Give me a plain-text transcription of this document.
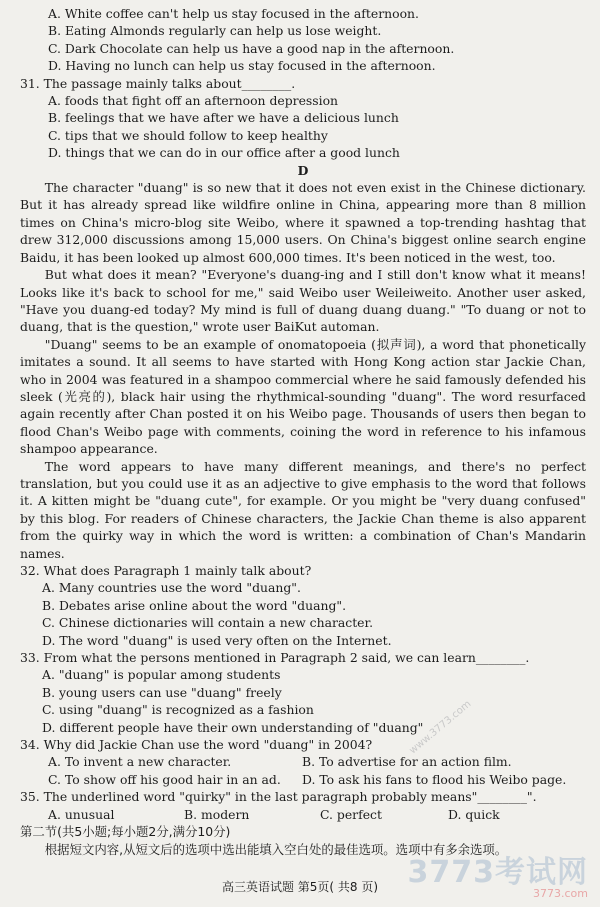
A. White coffee can't help us stay focused in the afternoon.
B. Eating Almonds regularly can help us lose weight.
C. Dark Chocolate can help us have a good nap in the afternoon.
D. Having no lunch can help us stay focused in the afternoon.
31. The passage mainly talks about________.
A. foods that fight off an afternoon depression
B. feelings that we have after we have a delicious lunch
C. tips that we should follow to keep healthy
D. things that we can do in our office after a good lunch
D

The character "duang" is so new that it does not even exist in the Chinese dictionary. But it has already spread like wildfire online in China, appearing more than 8 million times on China's micro-blog site Weibo, where it spawned a top-trending hashtag that drew 312,000 discussions among 15,000 users. On China's biggest online search engine Baidu, it has been looked up almost 600,000 times. It's been noticed in the west, too.

But what does it mean? "Everyone's duang-ing and I still don't know what it means! Looks like it's back to school for me," said Weibo user Weileiweito. Another user asked, "Have you duang-ed today? My mind is full of duang duang duang." "To duang or not to duang, that is the question," wrote user BaiKut automan.

"Duang" seems to be an example of onomatopoeia (拟声词), a word that phonetically imitates a sound. It all seems to have started with Hong Kong action star Jackie Chan, who in 2004 was featured in a shampoo commercial where he said famously defended his sleek (光亮的), black hair using the rhythmical-sounding "duang". The word resurfaced again recently after Chan posted it on his Weibo page. Thousands of users then began to flood Chan's Weibo page with comments, coining the word in reference to his infamous shampoo appearance.

The word appears to have many different meanings, and there's no perfect translation, but you could use it as an adjective to give emphasis to the word that follows it. A kitten might be "duang cute", for example. Or you might be "very duang confused" by this blog. For readers of Chinese characters, the Jackie Chan theme is also apparent from the quirky way in which the word is written: a combination of Chan's Mandarin names.

32. What does Paragraph 1 mainly talk about?
A. Many countries use the word "duang".
B. Debates arise online about the word "duang".
C. Chinese dictionaries will contain a new character.
D. The word "duang" is used very often on the Internet.
33. From what the persons mentioned in Paragraph 2 said, we can learn________.
A. "duang" is popular among students
B. young users can use "duang" freely
C. using "duang" is recognized as a fashion
D. different people have their own understanding of "duang"
34. Why did Jackie Chan use the word "duang" in 2004?
A. To invent a new character.	B. To advertise for an action film.
C. To show off his good hair in an ad.	D. To ask his fans to flood his Weibo page.
35. The underlined word "quirky" in the last paragraph probably means"________".
A. unusual	B. modern	C. perfect	D. quick
第二节(共5小题;每小题2分,满分10分)

根据短文内容,从短文后的选项中选出能填入空白处的最佳选项。选项中有多余选项。

www.3773.com
高三英语试题 第5页( 共8 页) 3773考试网
3773.com
